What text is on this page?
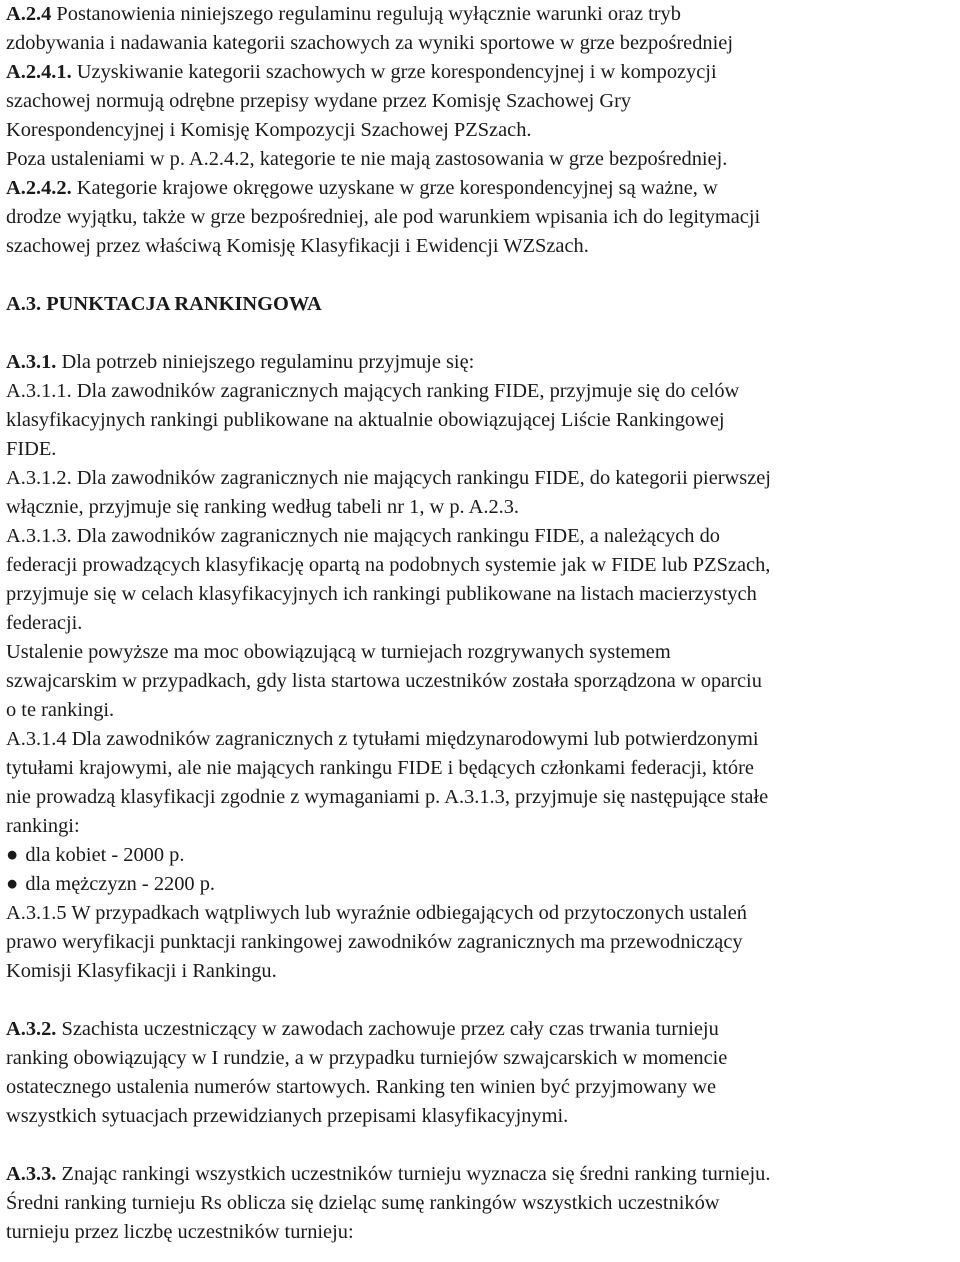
A.2.4 Postanowienia niniejszego regulaminu regulują wyłącznie warunki oraz tryb
zdobywania i nadawania kategorii szachowych za wyniki sportowe w grze bezpośredniej
A.2.4.1. Uzyskiwanie kategorii szachowych w grze korespondencyjnej i w kompozycji
szachowej normują odrębne przepisy wydane przez Komisję Szachowej Gry
Korespondencyjnej i Komisję Kompozycji Szachowej PZSzach.
Poza ustaleniami w p. A.2.4.2, kategorie te nie mają zastosowania w grze bezpośredniej.
A.2.4.2. Kategorie krajowe okręgowe uzyskane w grze korespondencyjnej są ważne, w
drodze wyjątku, także w grze bezpośredniej, ale pod warunkiem wpisania ich do legitymacji
szachowej przez właściwą Komisję Klasyfikacji i Ewidencji WZSzach.
A.3. PUNKTACJA RANKINGOWA
A.3.1. Dla potrzeb niniejszego regulaminu przyjmuje się:
A.3.1.1. Dla zawodników zagranicznych mających ranking FIDE, przyjmuje się do celów
klasyfikacyjnych rankingi publikowane na aktualnie obowiązującej Liście Rankingowej
FIDE.
A.3.1.2. Dla zawodników zagranicznych nie mających rankingu FIDE, do kategorii pierwszej
włącznie, przyjmuje się ranking według tabeli nr 1, w p. A.2.3.
A.3.1.3. Dla zawodników zagranicznych nie mających rankingu FIDE, a należących do
federacji prowadzących klasyfikację opartą na podobnych systemie jak w FIDE lub PZSzach,
przyjmuje się w celach klasyfikacyjnych ich rankingi publikowane na listach macierzystych
federacji.
Ustalenie powyższe ma moc obowiązującą w turniejach rozgrywanych systemem
szwajcarskim w przypadkach, gdy lista startowa uczestników została sporządzona w oparciu
o te rankingi.
A.3.1.4 Dla zawodników zagranicznych z tytułami międzynarodowymi lub potwierdzonymi
tytułami krajowymi, ale nie mających rankingu FIDE i będących członkami federacji, które
nie prowadzą klasyfikacji zgodnie z wymaganiami p. A.3.1.3, przyjmuje się następujące stałe
rankingi:
● dla kobiet - 2000 p.
● dla mężczyzn - 2200 p.
A.3.1.5 W przypadkach wątpliwych lub wyraźnie odbiegających od przytoczonych ustaleń
prawo weryfikacji punktacji rankingowej zawodników zagranicznych ma przewodniczący
Komisji Klasyfikacji i Rankingu.
A.3.2. Szachista uczestniczący w zawodach zachowuje przez cały czas trwania turnieju
ranking obowiązujący w I rundzie, a w przypadku turniejów szwajcarskich w momencie
ostatecznego ustalenia numerów startowych. Ranking ten winien być przyjmowany we
wszystkich sytuacjach przewidzianych przepisami klasyfikacyjnymi.
A.3.3. Znając rankingi wszystkich uczestników turnieju wyznacza się średni ranking turnieju.
Średni ranking turnieju Rs oblicza się dzieląc sumę rankingów wszystkich uczestników
turnieju przez liczbę uczestników turnieju:
